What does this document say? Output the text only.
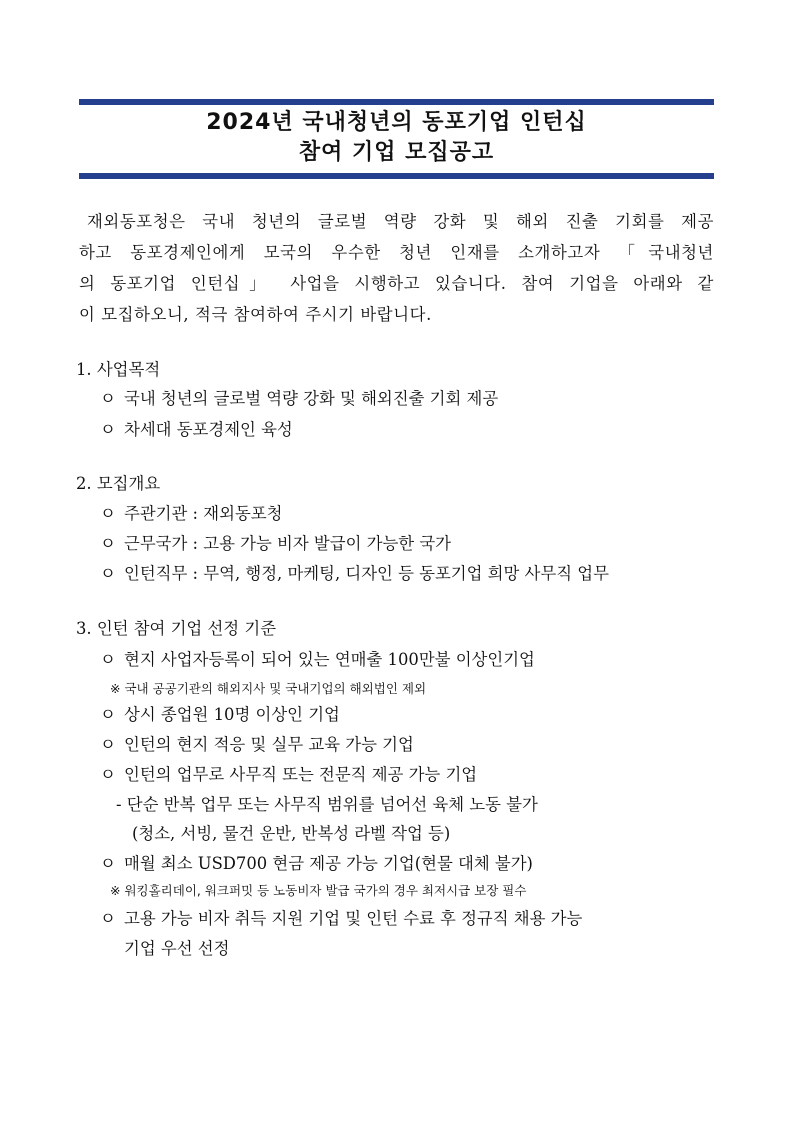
2024년 국내청년의 동포기업 인턴십
참여 기업 모집공고
재외동포청은 국내 청년의 글로벌 역량 강화 및 해외 진출 기회를 제공
하고 동포경제인에게 모국의 우수한 청년 인재를 소개하고자 「국내청년
의 동포기업 인턴십」 사업을 시행하고 있습니다. 참여 기업을 아래와 같
이 모집하오니, 적극 참여하여 주시기 바랍니다.
1. 사업목적
ㅇ 국내 청년의 글로벌 역량 강화 및 해외진출 기회 제공
ㅇ 차세대 동포경제인 육성
2. 모집개요
ㅇ 주관기관 : 재외동포청
ㅇ 근무국가 : 고용 가능 비자 발급이 가능한 국가
ㅇ 인턴직무 : 무역, 행정, 마케팅, 디자인 등 동포기업 희망 사무직 업무
3. 인턴 참여 기업 선정 기준
ㅇ 현지 사업자등록이 되어 있는 연매출 100만불 이상인기업
※ 국내 공공기관의 해외지사 및 국내기업의 해외법인 제외
ㅇ 상시 종업원 10명 이상인 기업
ㅇ 인턴의 현지 적응 및 실무 교육 가능 기업
ㅇ 인턴의 업무로 사무직 또는 전문직 제공 가능 기업
- 단순 반복 업무 또는 사무직 범위를 넘어선 육체 노동 불가
(청소, 서빙, 물건 운반, 반복성 라벨 작업 등)
ㅇ 매월 최소 USD700 현금 제공 가능 기업(현물 대체 불가)
※ 워킹홀리데이, 워크퍼밋 등 노동비자 발급 국가의 경우 최저시급 보장 필수
ㅇ 고용 가능 비자 취득 지원 기업 및 인턴 수료 후 정규직 채용 가능
기업 우선 선정
